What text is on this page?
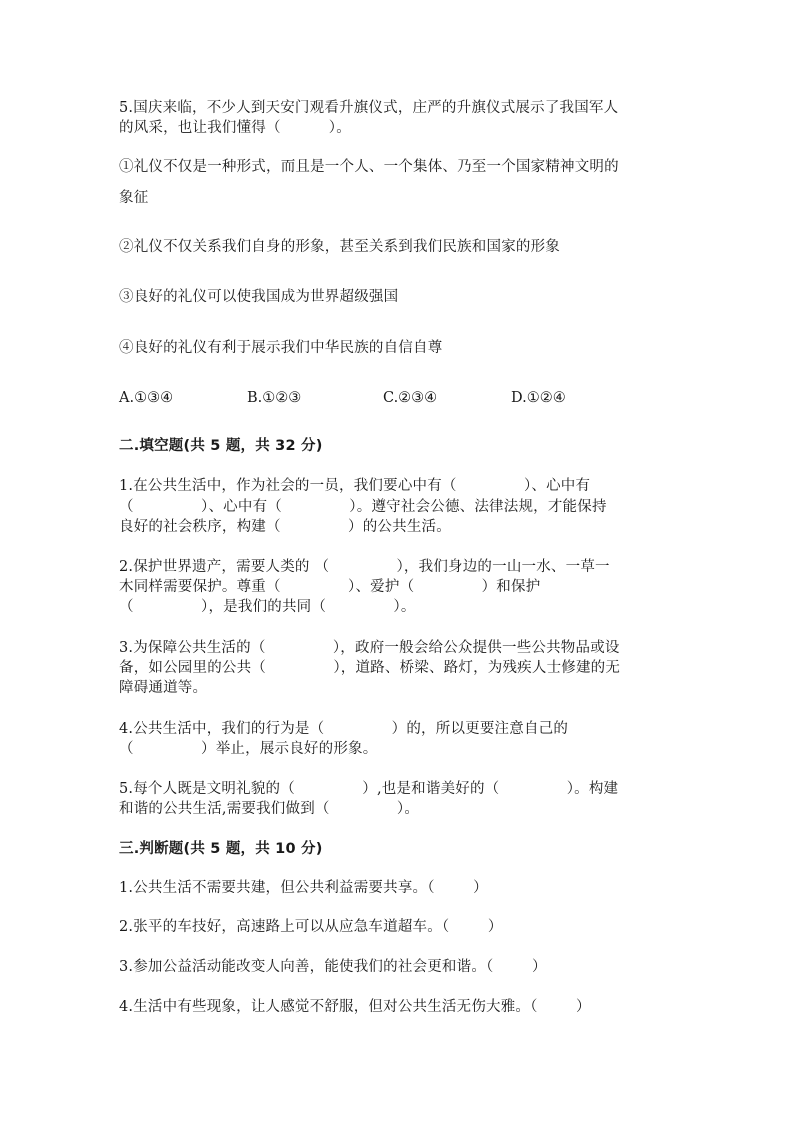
5.国庆来临，不少人到天安门观看升旗仪式，庄严的升旗仪式展示了我国军人
的风采，也让我们懂得（          ）。
①礼仪不仅是一种形式，而且是一个人、一个集体、乃至一个国家精神文明的
象征
②礼仪不仅关系我们自身的形象，甚至关系到我们民族和国家的形象
③良好的礼仪可以使我国成为世界超级强国
④良好的礼仪有利于展示我们中华民族的自信自尊
A.①③④	B.①②③	C.②③④	D.①②④
二.填空题(共 5 题，共 32 分)
1.在公共生活中，作为社会的一员，我们要心中有（              ）、心中有
（              ）、心中有（              ）。遵守社会公德、法律法规，才能保持
良好的社会秩序，构建（              ）的公共生活。
2.保护世界遗产，需要人类的 （              ），我们身边的一山一水、一草一
木同样需要保护。尊重（              ）、爱护（              ）和保护
（              ），是我们的共同（              ）。
3.为保障公共生活的（              ），政府一般会给公众提供一些公共物品或设
备，如公园里的公共（              ），道路、桥梁、路灯，为残疾人士修建的无
障碍通道等。
4.公共生活中，我们的行为是（              ）的，所以更要注意自己的
（              ）举止，展示良好的形象。
5.每个人既是文明礼貌的（              ）,也是和谐美好的（              ）。构建
和谐的公共生活,需要我们做到（              ）。
三.判断题(共 5 题，共 10 分)
1.公共生活不需要共建，但公共利益需要共享。（        ）
2.张平的车技好，高速路上可以从应急车道超车。（        ）
3.参加公益活动能改变人向善，能使我们的社会更和谐。（        ）
4.生活中有些现象，让人感觉不舒服，但对公共生活无伤大雅。（        ）
